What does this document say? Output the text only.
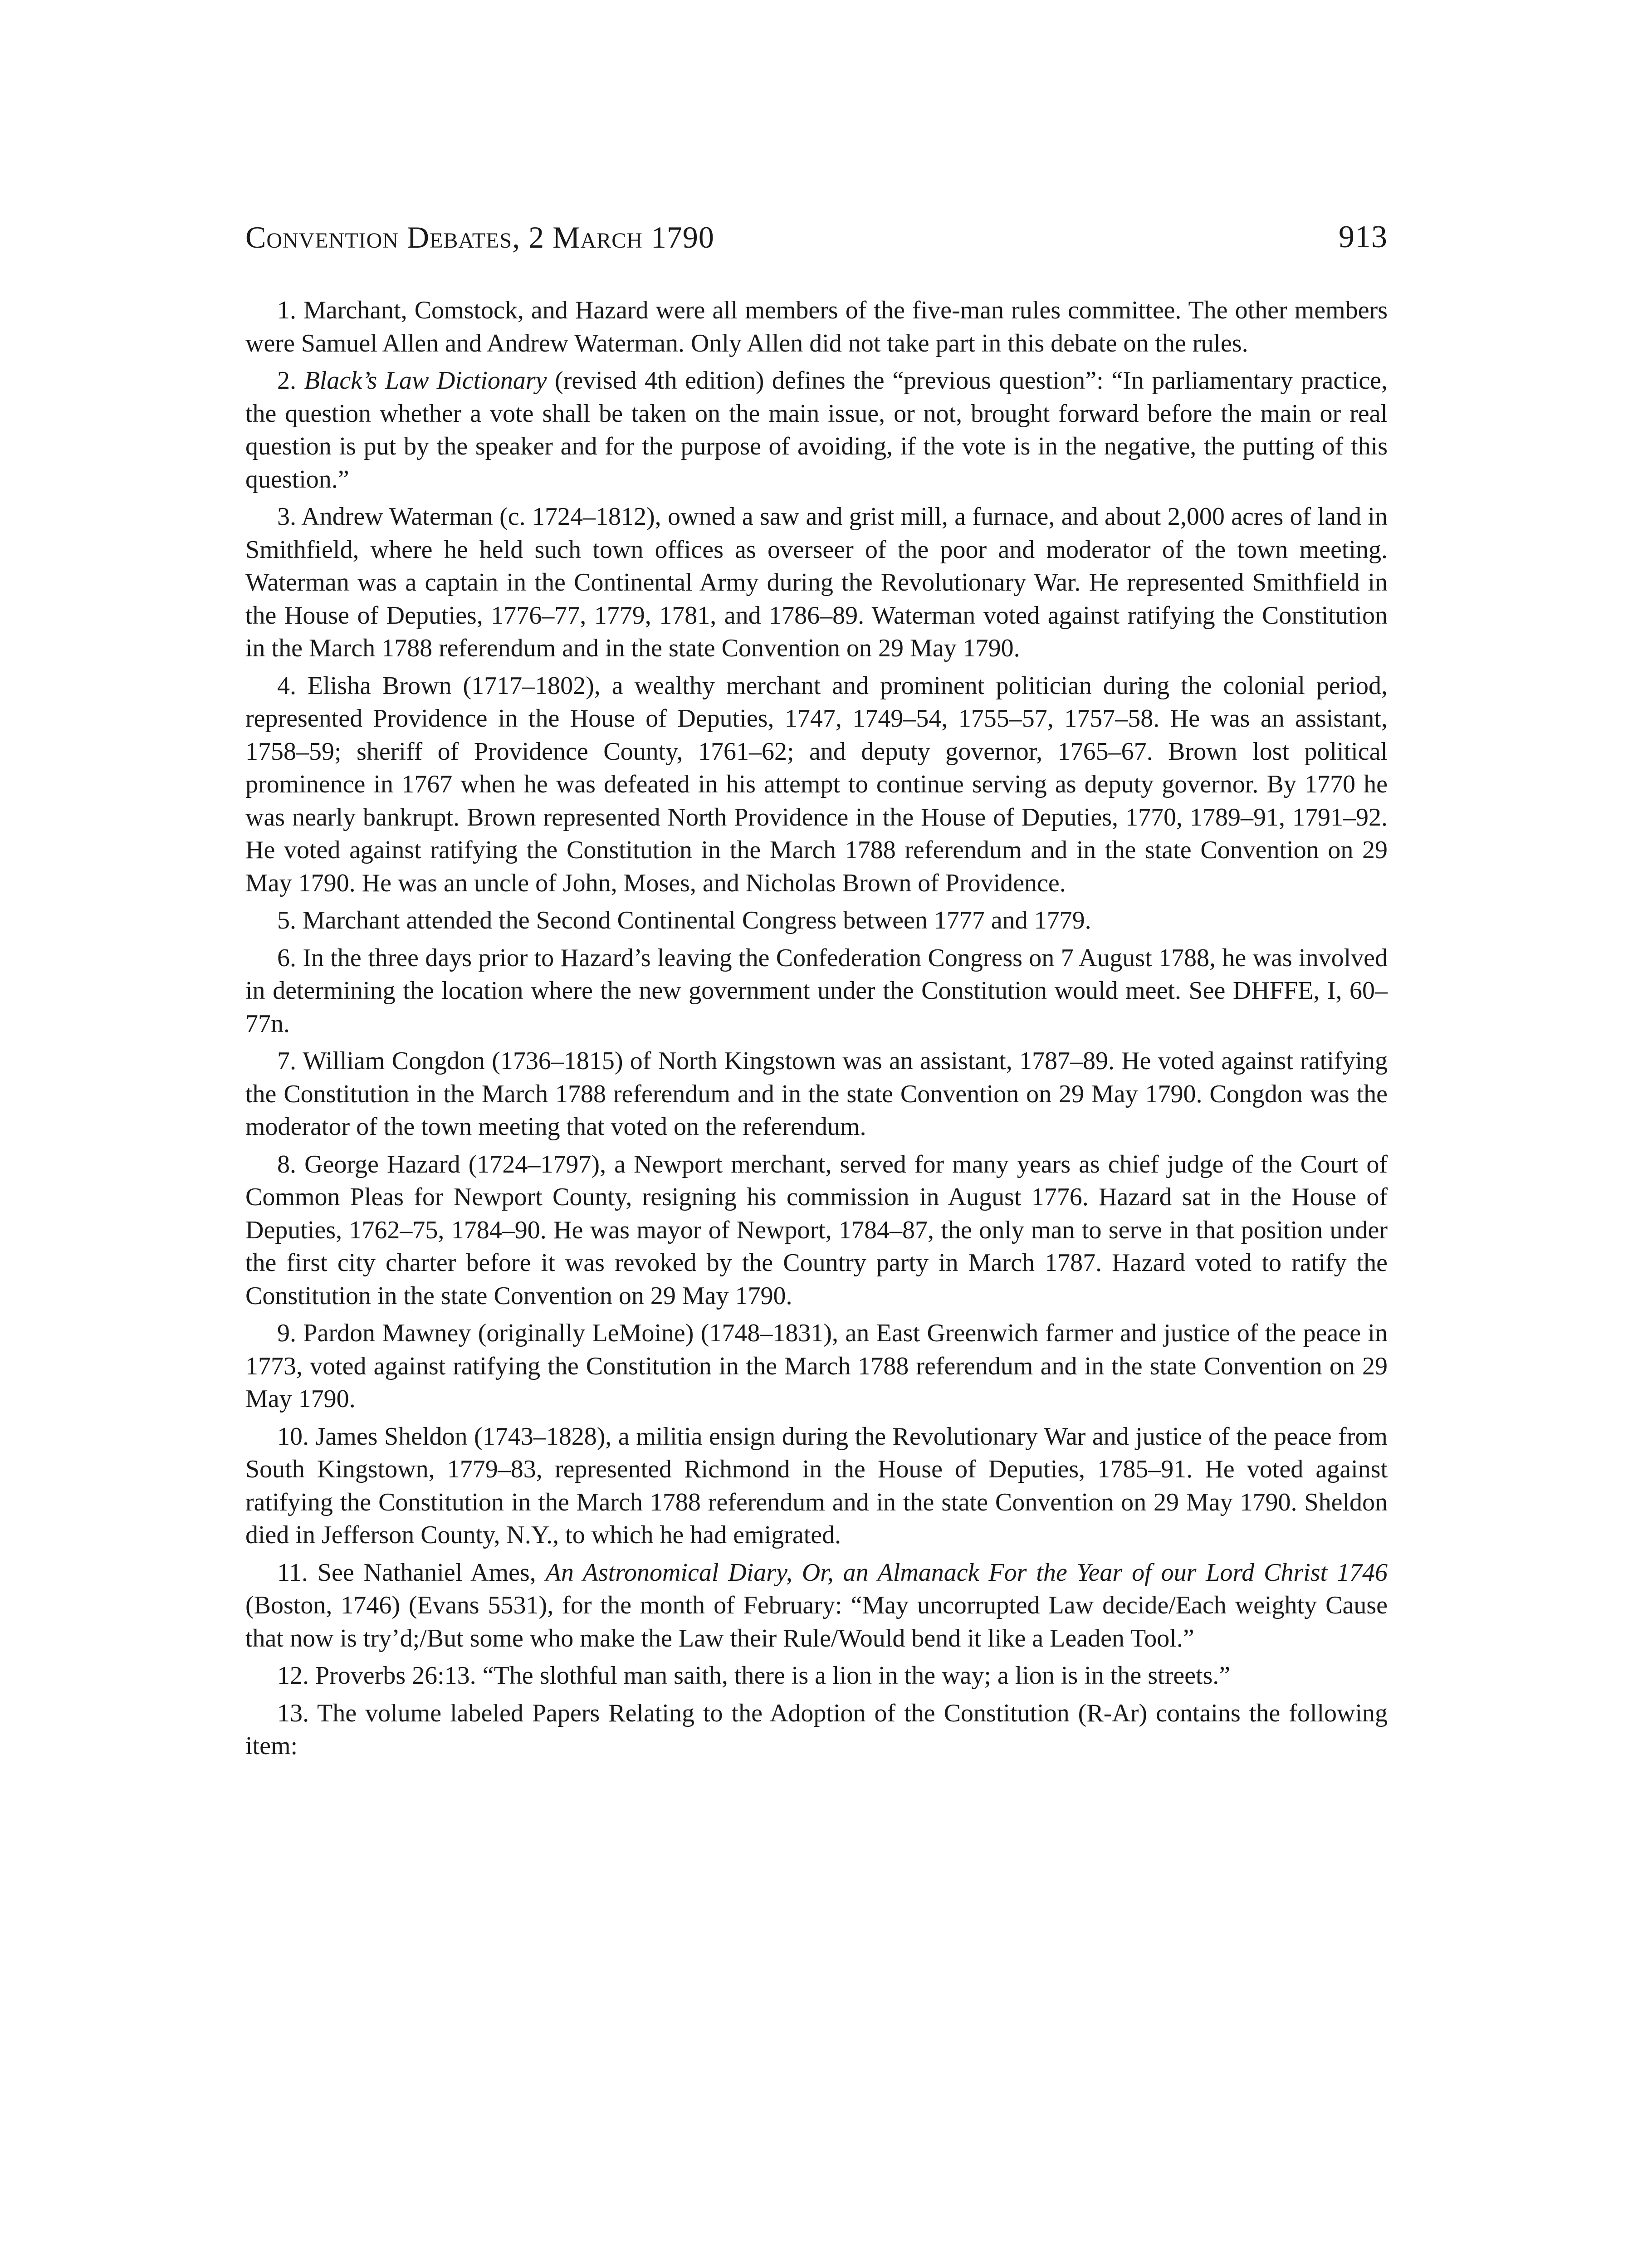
Convention Debates, 2 March 1790	913

1. Marchant, Comstock, and Hazard were all members of the five-man rules committee. The other members were Samuel Allen and Andrew Waterman. Only Allen did not take part in this debate on the rules.

2. Black’s Law Dictionary (revised 4th edition) defines the “previous question”: “In parliamentary practice, the question whether a vote shall be taken on the main issue, or not, brought forward before the main or real question is put by the speaker and for the purpose of avoiding, if the vote is in the negative, the putting of this question.”

3. Andrew Waterman (c. 1724–1812), owned a saw and grist mill, a furnace, and about 2,000 acres of land in Smithfield, where he held such town offices as overseer of the poor and moderator of the town meeting. Waterman was a captain in the Continental Army during the Revolutionary War. He represented Smithfield in the House of Deputies, 1776–77, 1779, 1781, and 1786–89. Waterman voted against ratifying the Constitution in the March 1788 referendum and in the state Convention on 29 May 1790.

4. Elisha Brown (1717–1802), a wealthy merchant and prominent politician during the colonial period, represented Providence in the House of Deputies, 1747, 1749–54, 1755–57, 1757–58. He was an assistant, 1758–59; sheriff of Providence County, 1761–62; and deputy governor, 1765–67. Brown lost political prominence in 1767 when he was defeated in his attempt to continue serving as deputy governor. By 1770 he was nearly bankrupt. Brown represented North Providence in the House of Deputies, 1770, 1789–91, 1791–92. He voted against ratifying the Constitution in the March 1788 referendum and in the state Convention on 29 May 1790. He was an uncle of John, Moses, and Nicholas Brown of Providence.

5. Marchant attended the Second Continental Congress between 1777 and 1779.

6. In the three days prior to Hazard’s leaving the Confederation Congress on 7 August 1788, he was involved in determining the location where the new government under the Constitution would meet. See DHFFE, I, 60–77n.

7. William Congdon (1736–1815) of North Kingstown was an assistant, 1787–89. He voted against ratifying the Constitution in the March 1788 referendum and in the state Convention on 29 May 1790. Congdon was the moderator of the town meeting that voted on the referendum.

8. George Hazard (1724–1797), a Newport merchant, served for many years as chief judge of the Court of Common Pleas for Newport County, resigning his commission in August 1776. Hazard sat in the House of Deputies, 1762–75, 1784–90. He was mayor of Newport, 1784–87, the only man to serve in that position under the first city charter before it was revoked by the Country party in March 1787. Hazard voted to ratify the Constitution in the state Convention on 29 May 1790.

9. Pardon Mawney (originally LeMoine) (1748–1831), an East Greenwich farmer and justice of the peace in 1773, voted against ratifying the Constitution in the March 1788 referendum and in the state Convention on 29 May 1790.

10. James Sheldon (1743–1828), a militia ensign during the Revolutionary War and justice of the peace from South Kingstown, 1779–83, represented Richmond in the House of Deputies, 1785–91. He voted against ratifying the Constitution in the March 1788 referendum and in the state Convention on 29 May 1790. Sheldon died in Jefferson County, N.Y., to which he had emigrated.

11. See Nathaniel Ames, An Astronomical Diary, Or, an Almanack For the Year of our Lord Christ 1746 (Boston, 1746) (Evans 5531), for the month of February: “May uncorrupted Law decide/Each weighty Cause that now is try’d;/But some who make the Law their Rule/Would bend it like a Leaden Tool.”

12. Proverbs 26:13. “The slothful man saith, there is a lion in the way; a lion is in the streets.”

13. The volume labeled Papers Relating to the Adoption of the Constitution (R-Ar) contains the following item:
